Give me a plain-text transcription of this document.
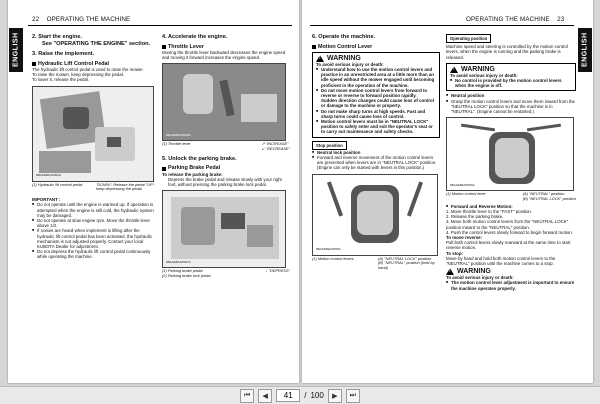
22 OPERATING THE MACHINE
ENGLISH	2. Start the engine.
See "OPERATING THE ENGINE" section.
3. Raise the implement.
Hydraulic Lift Control Pedal
The hydraulic lift control pedal is used to raise the mower.
To raise the mower, keep depressing the pedal.
To lower it, release the pedal.
9BAAEBDAP003A
(1) Hydraulic lift control pedal	"DOWN": Release the pedal "UP": keep depressing the pedal
IMPORTANT :
■ Do not operate until the engine is warmed up. If operation is attempted when the engine is still cold, the hydraulic system may be damaged.
■ Do not operate at slow engine rpm. Move the throttle lever above 1/2.
■ If noises are heard when implement is lifting after the hydraulic lift control pedal has been activated, the hydraulic mechanism is not adjusted properly. Contact your local KUBOTA Dealer for adjustment.
■ Do not depress the hydraulic lift control pedal continuously while operating the machine.
4. Accelerate the engine.
Throttle Lever
Moving the throttle lever backward decreases the engine speed and moving it forward increases the engine speed.
9BAAEBAAP006A
(1) Throttle lever	↗ "INCREASE"
↙ "DECREASE"
5. Unlock the parking brake.
Parking Brake Pedal
To release the parking brake:
Depress the brake pedal and release slowly with your right foot, without pressing the parking brake lock pedal.
9BAAEBAAP007A
(1) Parking brake pedal
(2) Parking brake lock pedal
↓ "DEPRESS"
OPERATING THE MACHINE 23
ENGLISH
6. Operate the machine.
Motion Control Lever
!
WARNING
To avoid serious injury or death:
■ Understand how to use the motion control levers and practice in an unrestricted area at a little more than an idle speed without the mower engaged until becoming proficient in the operation of the machine.
■ Do not move motion control levers from forward to reverse or reverse to forward position rapidly.
Sudden direction changes could cause loss of control or damage to the machine or property.
■ Do not make sharp turns at high speeds. Fast and sharp turns could cause loss of control.
■ Motion control levers must be in "NEUTRAL LOCK" position to safely enter and exit the operator's seat or to carry out maintenance and safety checks.
Stop position
■ Neutral lock position
■ Forward and reverse movement of the motion control levers are prevented when levers are in "NEUTRAL LOCK" position. (Engine can only be started with levers in this position.)
9BAAEBEAP005A
(1) Motion control levers	(A) "NEUTRAL LOCK" position
(B) "NEUTRAL" position (held by hand)
Operating position
Machine speed and steering is controlled by the motion control levers, when the engine is running and the parking brake is released.
!
WARNING
To avoid serious injury or death:
■ No control is provided by the motion control levers when the engine is off.
■ Neutral position
■ Grasp the motion control levers and move them inward from the "NEUTRAL LOCK" position so that the machine is in "NEUTRAL". (Engine cannot be restarted.)
9BAAEBEAP006A
(1) Motion control lever	(A) "NEUTRAL" position
(B) "NEUTRAL LOCK" position
■ Forward and Reverse Motion:
1. Move throttle lever to the "FAST" position.
2. Release the parking brake.
3. Move both motion control levers from the "NEUTRAL LOCK" position inward to the "NEUTRAL" position.
4. Push the control levers slowly forward to begin forward motion.
To move reverse:
Pull both control levers slowly rearward at the same time to start reverse motion.
To stop:
Move by hand and hold both motion control levers to the "NEUTRAL" position until the machine comes to a stop.
!
WARNING
To avoid serious injury or death:
■ The motion control lever adjustment is important to ensure the machine operates properly.
⏮	◀
41	/ 100	▶	⏭
